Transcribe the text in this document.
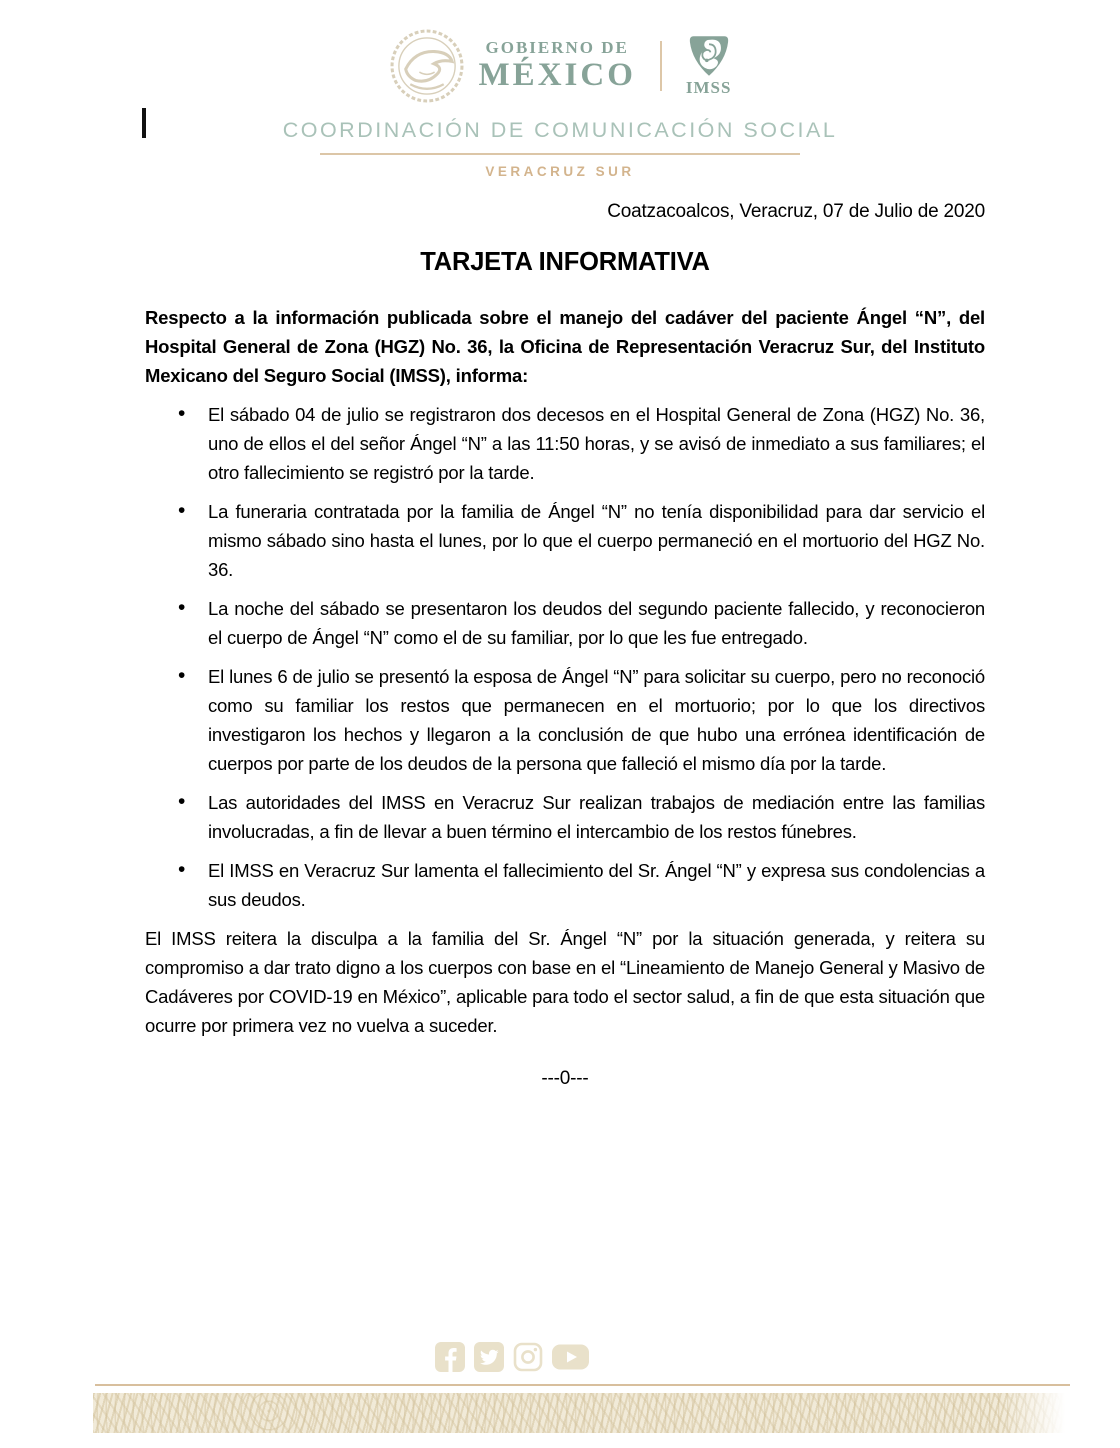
GOBIERNO DE
MÉXICO	IMSS
COORDINACIÓN DE COMUNICACIÓN SOCIAL
VERACRUZ SUR

Coatzacoalcos, Veracruz, 07 de Julio de 2020

TARJETA INFORMATIVA

Respecto a la información publicada sobre el manejo del cadáver del paciente Ángel “N”, del Hospital General de Zona (HGZ) No. 36, la Oficina de Representación Veracruz Sur, del Instituto Mexicano del Seguro Social (IMSS), informa:

• El sábado 04 de julio se registraron dos decesos en el Hospital General de Zona (HGZ) No. 36, uno de ellos el del señor Ángel “N” a las 11:50 horas, y se avisó de inmediato a sus familiares; el otro fallecimiento se registró por la tarde.
• La funeraria contratada por la familia de Ángel “N” no tenía disponibilidad para dar servicio el mismo sábado sino hasta el lunes, por lo que el cuerpo permaneció en el mortuorio del HGZ No. 36.
• La noche del sábado se presentaron los deudos del segundo paciente fallecido, y reconocieron el cuerpo de Ángel “N” como el de su familiar, por lo que les fue entregado.
• El lunes 6 de julio se presentó la esposa de Ángel “N” para solicitar su cuerpo, pero no reconoció como su familiar los restos que permanecen en el mortuorio; por lo que los directivos investigaron los hechos y llegaron a la conclusión de que hubo una errónea identificación de cuerpos por parte de los deudos de la persona que falleció el mismo día por la tarde.
• Las autoridades del IMSS en Veracruz Sur realizan trabajos de mediación entre las familias involucradas, a fin de llevar a buen término el intercambio de los restos fúnebres.
• El IMSS en Veracruz Sur lamenta el fallecimiento del Sr. Ángel “N” y expresa sus condolencias a sus deudos.

El IMSS reitera la disculpa a la familia del Sr. Ángel “N” por la situación generada, y reitera su compromiso a dar trato digno a los cuerpos con base en el “Lineamiento de Manejo General y Masivo de Cadáveres por COVID-19 en México”, aplicable para todo el sector salud, a fin de que esta situación que ocurre por primera vez no vuelva a suceder.

---0---
